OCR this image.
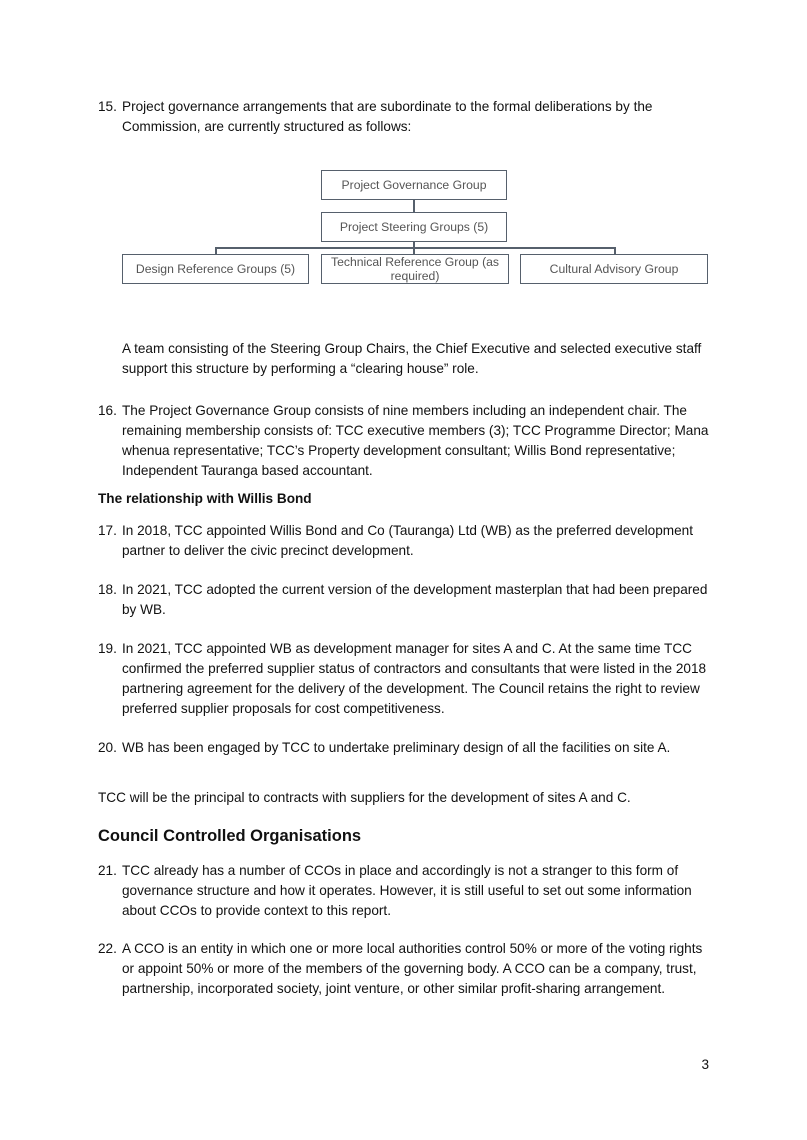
15. Project governance arrangements that are subordinate to the formal deliberations by the Commission, are currently structured as follows:
Project Governance Group
Project Steering Groups (5)
Design Reference Groups (5)	Technical Reference Group (as required)	Cultural Advisory Group
A team consisting of the Steering Group Chairs, the Chief Executive and selected executive staff support this structure by performing a “clearing house” role.
16. The Project Governance Group consists of nine members including an independent chair. The remaining membership consists of: TCC executive members (3); TCC Programme Director; Mana whenua representative; TCC’s Property development consultant; Willis Bond representative; Independent Tauranga based accountant.
The relationship with Willis Bond
17. In 2018, TCC appointed Willis Bond and Co (Tauranga) Ltd (WB) as the preferred development partner to deliver the civic precinct development.
18. In 2021, TCC adopted the current version of the development masterplan that had been prepared by WB.
19. In 2021, TCC appointed WB as development manager for sites A and C. At the same time TCC confirmed the preferred supplier status of contractors and consultants that were listed in the 2018 partnering agreement for the delivery of the development. The Council retains the right to review preferred supplier proposals for cost competitiveness.
20. WB has been engaged by TCC to undertake preliminary design of all the facilities on site A.
TCC will be the principal to contracts with suppliers for the development of sites A and C.
Council Controlled Organisations
21. TCC already has a number of CCOs in place and accordingly is not a stranger to this form of governance structure and how it operates. However, it is still useful to set out some information about CCOs to provide context to this report.
22. A CCO is an entity in which one or more local authorities control 50% or more of the voting rights or appoint 50% or more of the members of the governing body. A CCO can be a company, trust, partnership, incorporated society, joint venture, or other similar profit-sharing arrangement.
3
